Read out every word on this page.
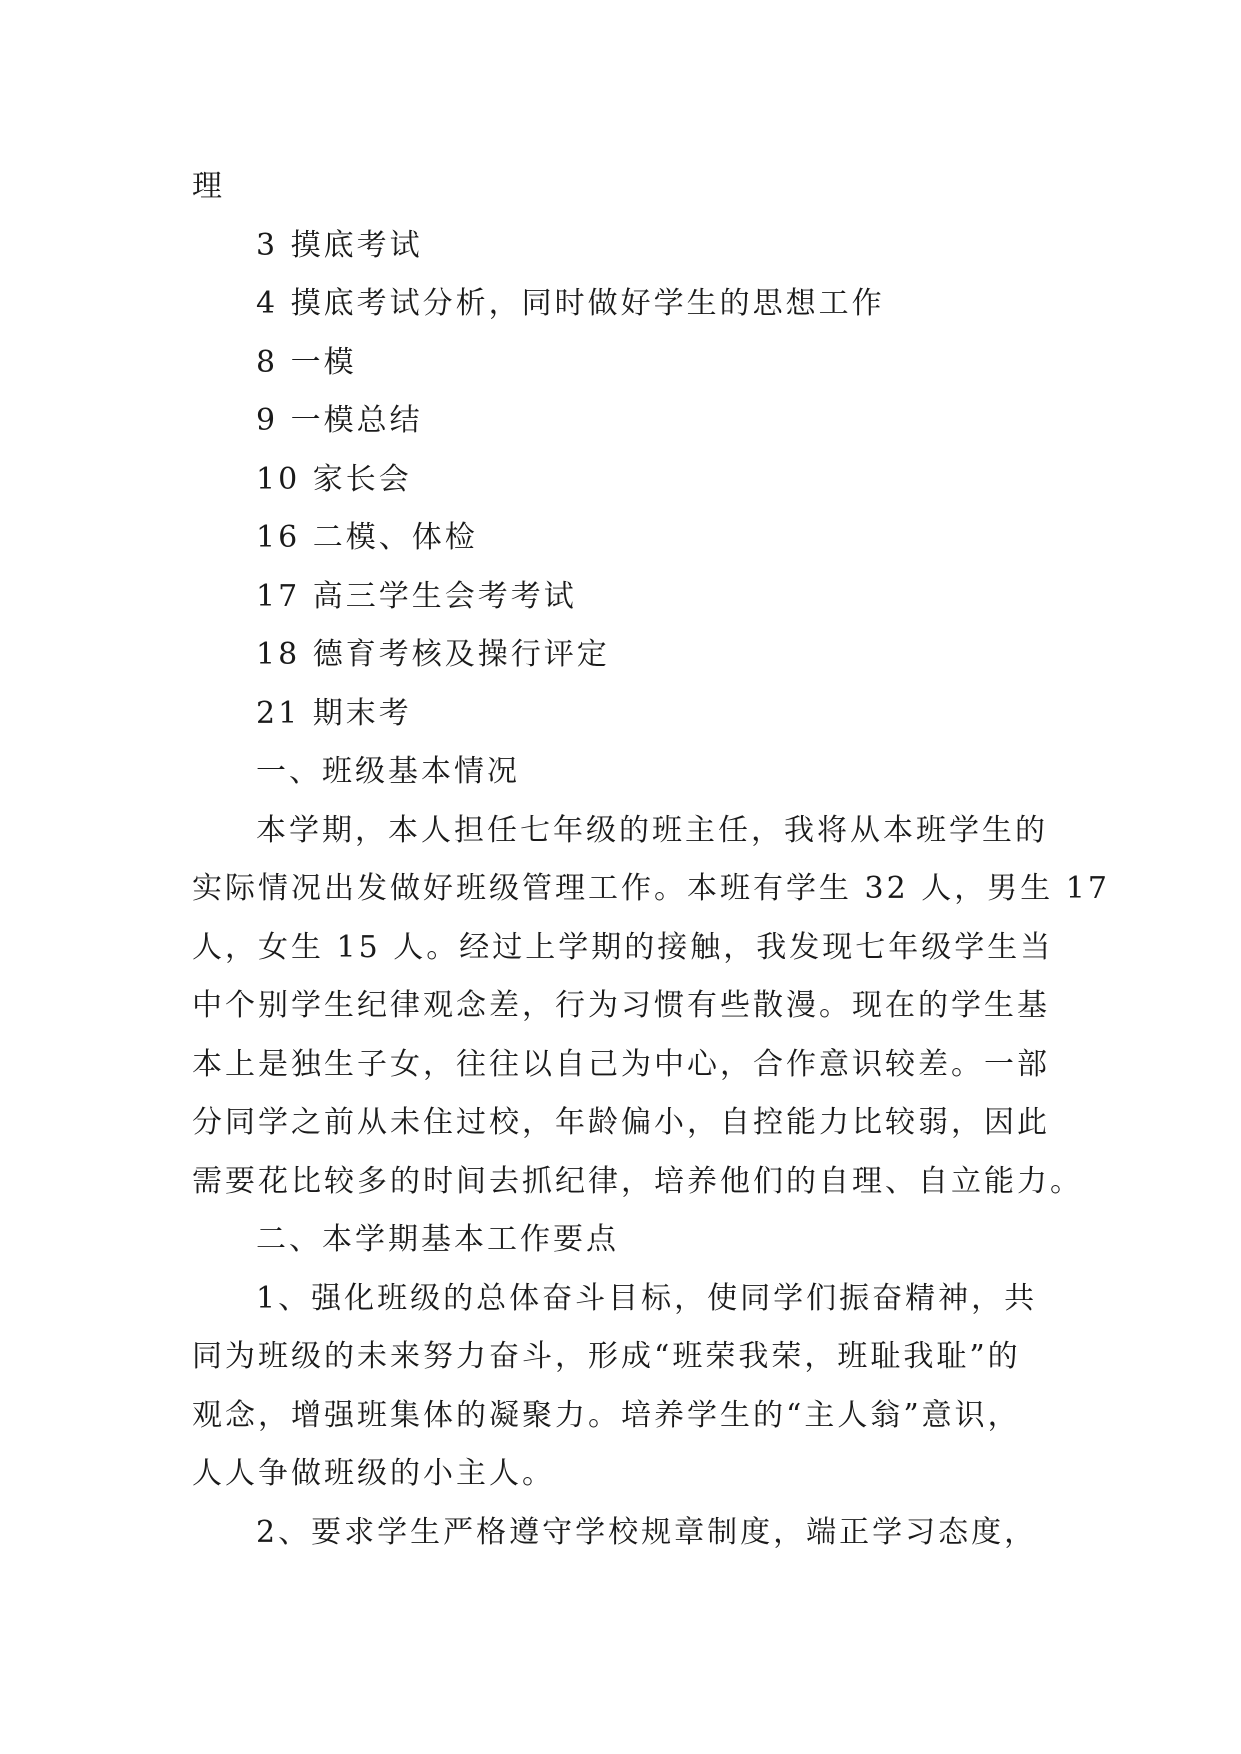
理
3 摸底考试
4 摸底考试分析，同时做好学生的思想工作
8 一模
9 一模总结
10 家长会
16 二模、体检
17 高三学生会考考试
18 德育考核及操行评定
21 期末考
一、班级基本情况
本学期，本人担任七年级的班主任，我将从本班学生的
实际情况出发做好班级管理工作。本班有学生 32 人，男生 17
人，女生 15 人。经过上学期的接触，我发现七年级学生当
中个别学生纪律观念差，行为习惯有些散漫。现在的学生基
本上是独生子女，往往以自己为中心，合作意识较差。一部
分同学之前从未住过校，年龄偏小，自控能力比较弱，因此
需要花比较多的时间去抓纪律，培养他们的自理、自立能力。
二、本学期基本工作要点
1、强化班级的总体奋斗目标，使同学们振奋精神，共
同为班级的未来努力奋斗，形成“班荣我荣，班耻我耻”的
观念，增强班集体的凝聚力。培养学生的“主人翁”意识，
人人争做班级的小主人。
2、要求学生严格遵守学校规章制度，端正学习态度，
